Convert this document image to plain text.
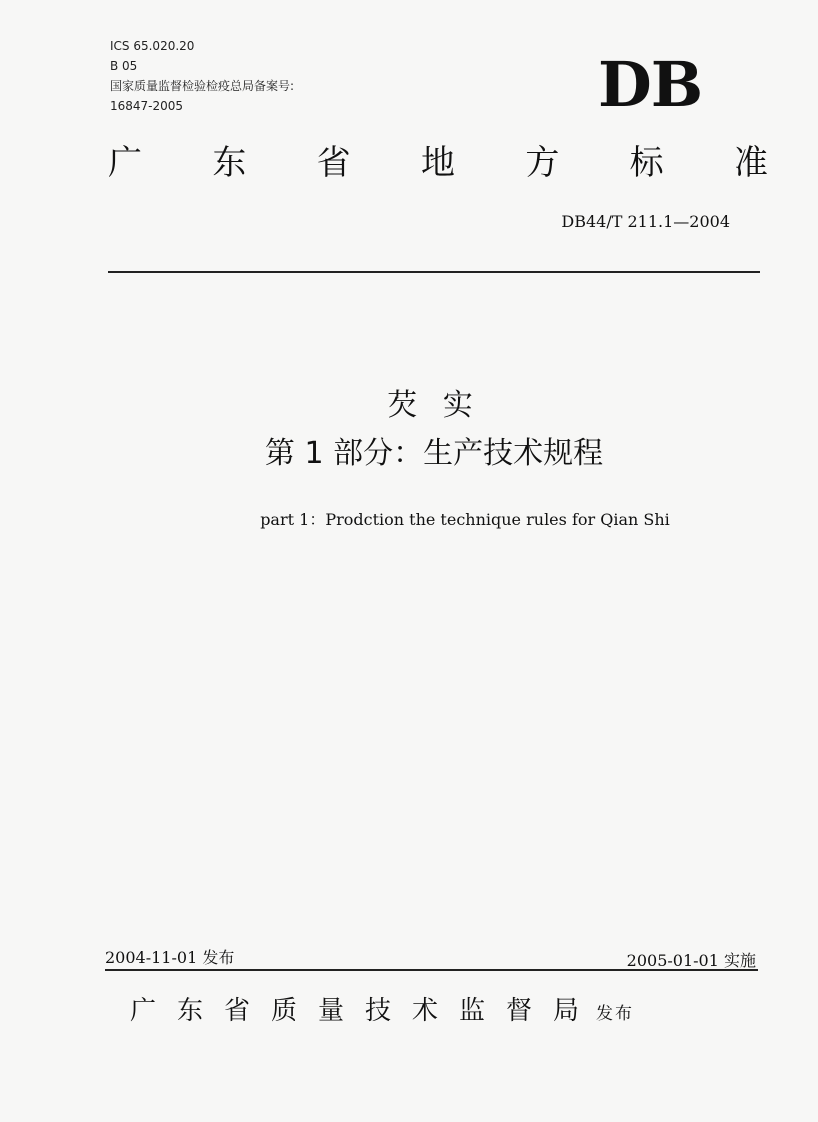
ICS 65.020.20
B 05
国家质量监督检验检疫总局备案号:
16847-2005	DB
广 东 省 地 方 标 准
DB44/T 211.1—2004
芡 实
第 1 部分：生产技术规程
part 1：Prodction the technique rules for Qian Shi
2004-11-01 发布	2005-01-01 实施
广东省质量技术监督局
发布
